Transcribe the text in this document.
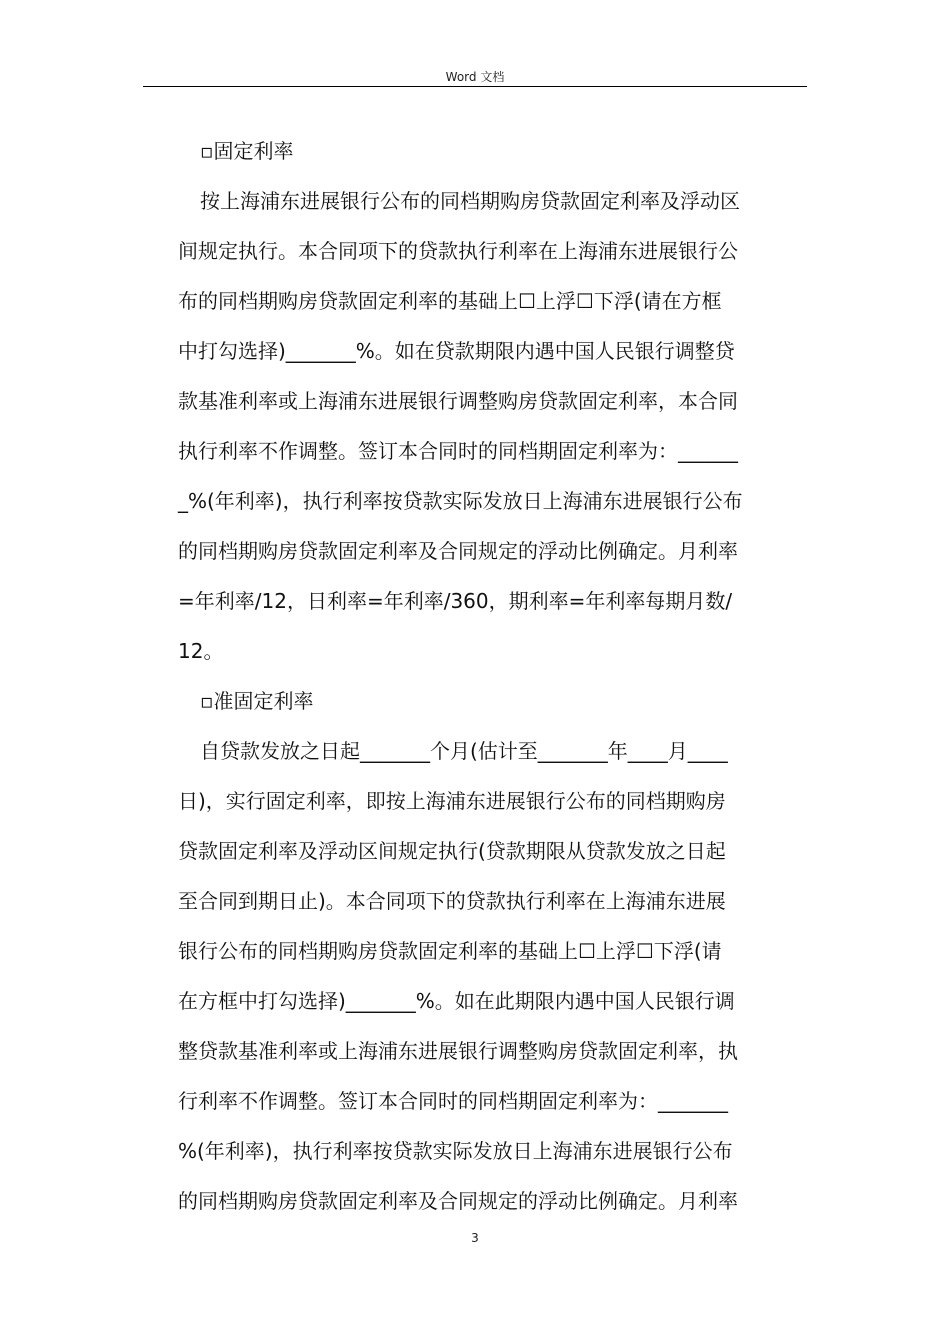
Word 文档
▫固定利率
按上海浦东进展银行公布的同档期购房贷款固定利率及浮动区
间规定执行。本合同项下的贷款执行利率在上海浦东进展银行公
布的同档期购房贷款固定利率的基础上☐上浮☐下浮(请在方框
中打勾选择)_______%。如在贷款期限内遇中国人民银行调整贷
款基准利率或上海浦东进展银行调整购房贷款固定利率，本合同
执行利率不作调整。签订本合同时的同档期固定利率为：______
_%(年利率)，执行利率按贷款实际发放日上海浦东进展银行公布
的同档期购房贷款固定利率及合同规定的浮动比例确定。月利率
=年利率/12，日利率=年利率/360，期利率=年利率每期月数/
12。
▫准固定利率
自贷款发放之日起_______个月(估计至_______年____月____
日)，实行固定利率，即按上海浦东进展银行公布的同档期购房
贷款固定利率及浮动区间规定执行(贷款期限从贷款发放之日起
至合同到期日止)。本合同项下的贷款执行利率在上海浦东进展
银行公布的同档期购房贷款固定利率的基础上☐上浮☐下浮(请
在方框中打勾选择)_______%。如在此期限内遇中国人民银行调
整贷款基准利率或上海浦东进展银行调整购房贷款固定利率，执
行利率不作调整。签订本合同时的同档期固定利率为：_______
%(年利率)，执行利率按贷款实际发放日上海浦东进展银行公布
的同档期购房贷款固定利率及合同规定的浮动比例确定。月利率
3
